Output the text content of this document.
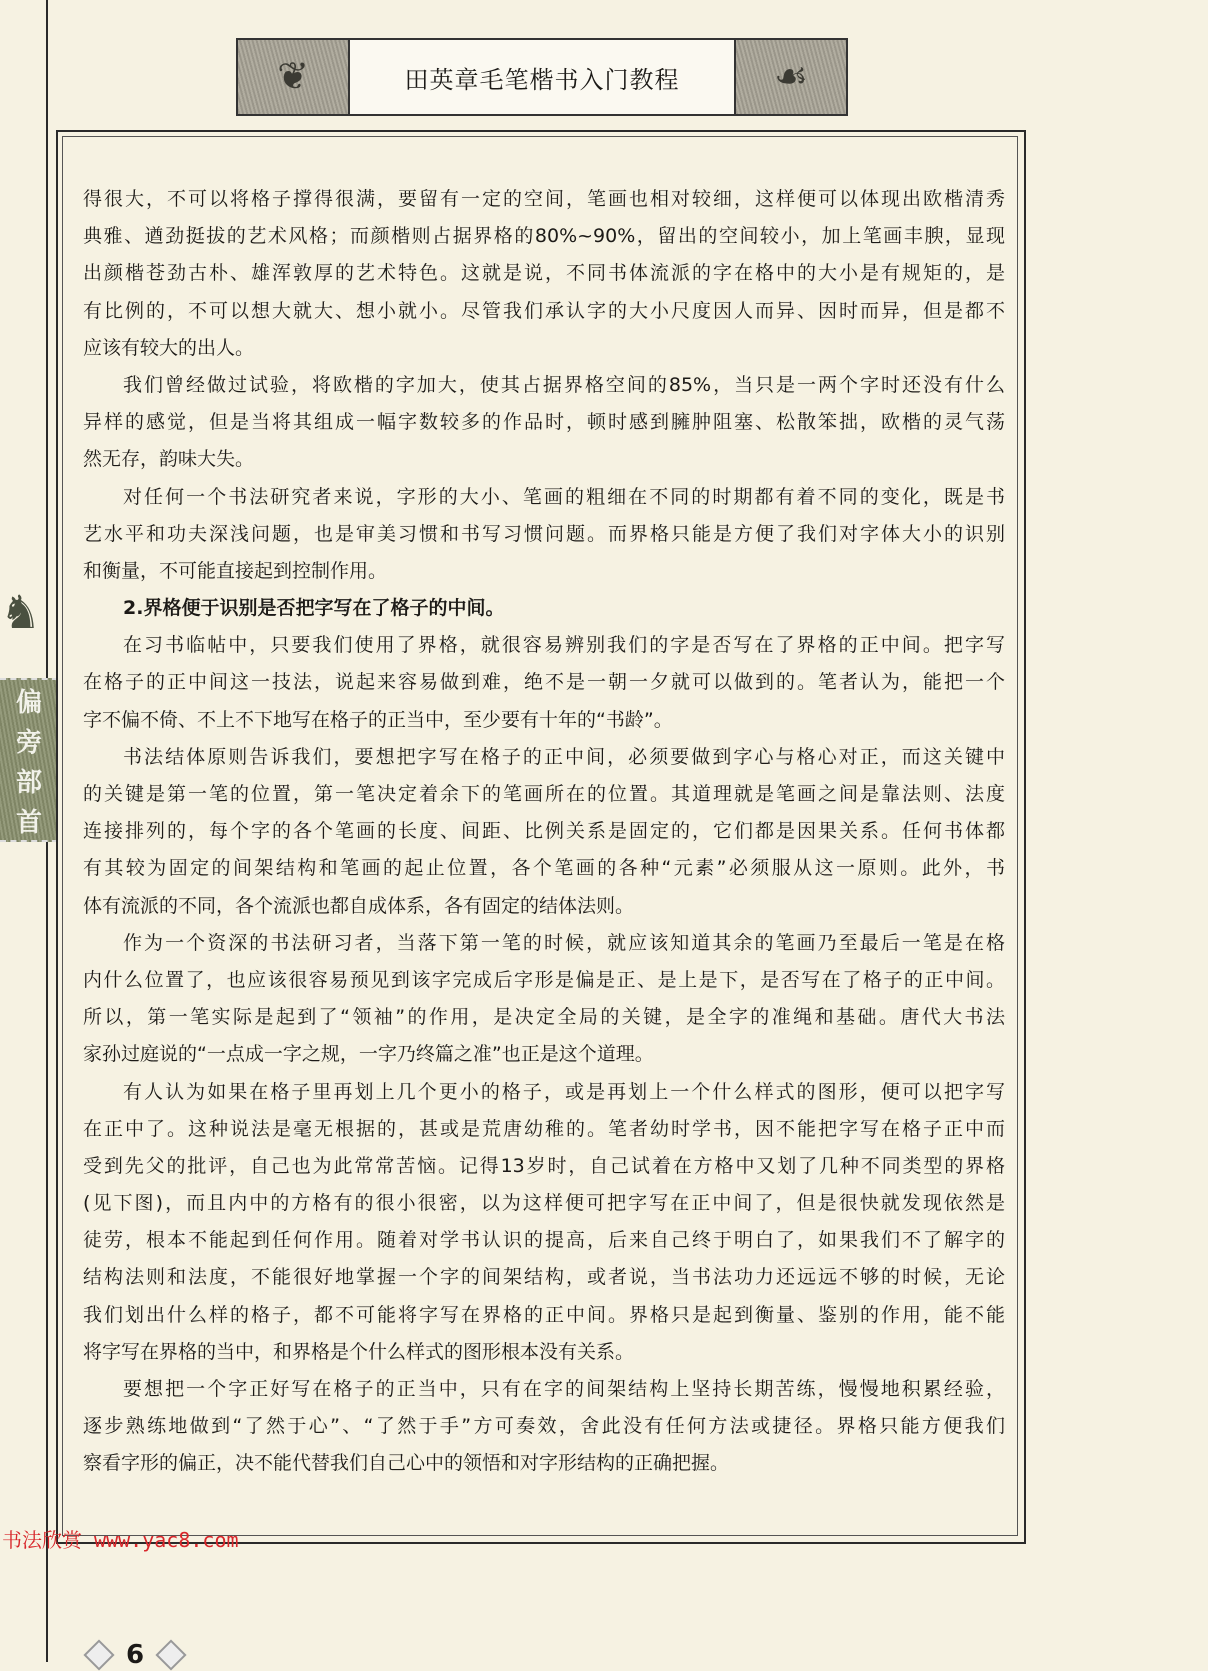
❦	田英章毛笔楷书入门教程	☙
♞
偏
旁
部
首
得很大，不可以将格子撑得很满，要留有一定的空间，笔画也相对较细，这样便可以体现出欧楷清秀
典雅、遒劲挺拔的艺术风格；而颜楷则占据界格的80%~90%，留出的空间较小，加上笔画丰腴，显现
出颜楷苍劲古朴、雄浑敦厚的艺术特色。这就是说，不同书体流派的字在格中的大小是有规矩的，是
有比例的，不可以想大就大、想小就小。尽管我们承认字的大小尺度因人而异、因时而异，但是都不
应该有较大的出人。
我们曾经做过试验，将欧楷的字加大，使其占据界格空间的85%，当只是一两个字时还没有什么
异样的感觉，但是当将其组成一幅字数较多的作品时，顿时感到臃肿阻塞、松散笨拙，欧楷的灵气荡
然无存，韵味大失。
对任何一个书法研究者来说，字形的大小、笔画的粗细在不同的时期都有着不同的变化，既是书
艺水平和功夫深浅问题，也是审美习惯和书写习惯问题。而界格只能是方便了我们对字体大小的识别
和衡量，不可能直接起到控制作用。
2.界格便于识别是否把字写在了格子的中间。
在习书临帖中，只要我们使用了界格，就很容易辨别我们的字是否写在了界格的正中间。把字写
在格子的正中间这一技法，说起来容易做到难，绝不是一朝一夕就可以做到的。笔者认为，能把一个
字不偏不倚、不上不下地写在格子的正当中，至少要有十年的“书龄”。
书法结体原则告诉我们，要想把字写在格子的正中间，必须要做到字心与格心对正，而这关键中
的关键是第一笔的位置，第一笔决定着余下的笔画所在的位置。其道理就是笔画之间是靠法则、法度
连接排列的，每个字的各个笔画的长度、间距、比例关系是固定的，它们都是因果关系。任何书体都
有其较为固定的间架结构和笔画的起止位置，各个笔画的各种“元素”必须服从这一原则。此外，书
体有流派的不同，各个流派也都自成体系，各有固定的结体法则。
作为一个资深的书法研习者，当落下第一笔的时候，就应该知道其余的笔画乃至最后一笔是在格
内什么位置了，也应该很容易预见到该字完成后字形是偏是正、是上是下，是否写在了格子的正中间。
所以，第一笔实际是起到了“领袖”的作用，是决定全局的关键，是全字的准绳和基础。唐代大书法
家孙过庭说的“一点成一字之规，一字乃终篇之准”也正是这个道理。
有人认为如果在格子里再划上几个更小的格子，或是再划上一个什么样式的图形，便可以把字写
在正中了。这种说法是毫无根据的，甚或是荒唐幼稚的。笔者幼时学书，因不能把字写在格子正中而
受到先父的批评，自己也为此常常苦恼。记得13岁时，自己试着在方格中又划了几种不同类型的界格
(见下图)，而且内中的方格有的很小很密，以为这样便可把字写在正中间了，但是很快就发现依然是
徒劳，根本不能起到任何作用。随着对学书认识的提高，后来自己终于明白了，如果我们不了解字的
结构法则和法度，不能很好地掌握一个字的间架结构，或者说，当书法功力还远远不够的时候，无论
我们划出什么样的格子，都不可能将字写在界格的正中间。界格只是起到衡量、鉴别的作用，能不能
将字写在界格的当中，和界格是个什么样式的图形根本没有关系。
要想把一个字正好写在格子的正当中，只有在字的间架结构上坚持长期苦练，慢慢地积累经验，
逐步熟练地做到“了然于心”、“了然于手”方可奏效，舍此没有任何方法或捷径。界格只能方便我们
察看字形的偏正，决不能代替我们自己心中的领悟和对字形结构的正确把握。
书法欣赏 www.yac8.com
6
